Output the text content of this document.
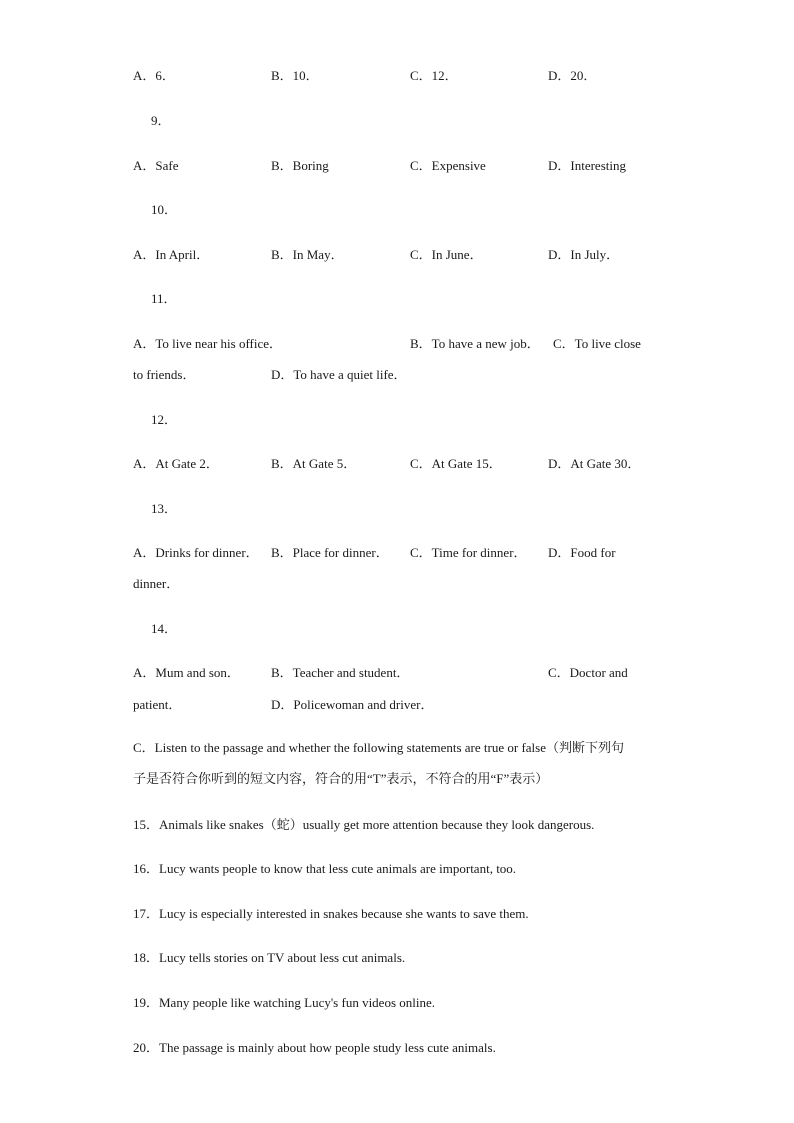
A．6．	B．10．	C．12．	D．20．
9．
A．Safe	B．Boring	C．Expensive	D．Interesting
10．
A．In April．	B．In May．	C．In June．	D．In July．
11．
A．To live near his office．	B．To have a new job． C．To live close
to friends．	D．To have a quiet life．
12．
A．At Gate 2．	B．At Gate 5．	C．At Gate 15．	D．At Gate 30．
13．
A．Drinks for dinner． B．Place for dinner． C．Time for dinner． D．Food for
dinner．
14．
A．Mum and son． B．Teacher and student．	C．Doctor and
patient．	D．Policewoman and driver．
C．Listen to the passage and whether the following statements are true or false（判断下列句
子是否符合你听到的短文内容，符合的用“T”表示，不符合的用“F”表示）
15．Animals like snakes（蛇）usually get more attention because they look dangerous.
16．Lucy wants people to know that less cute animals are important, too.
17．Lucy is especially interested in snakes because she wants to save them.
18．Lucy tells stories on TV about less cut animals.
19．Many people like watching Lucy's fun videos online.
20．The passage is mainly about how people study less cute animals.
